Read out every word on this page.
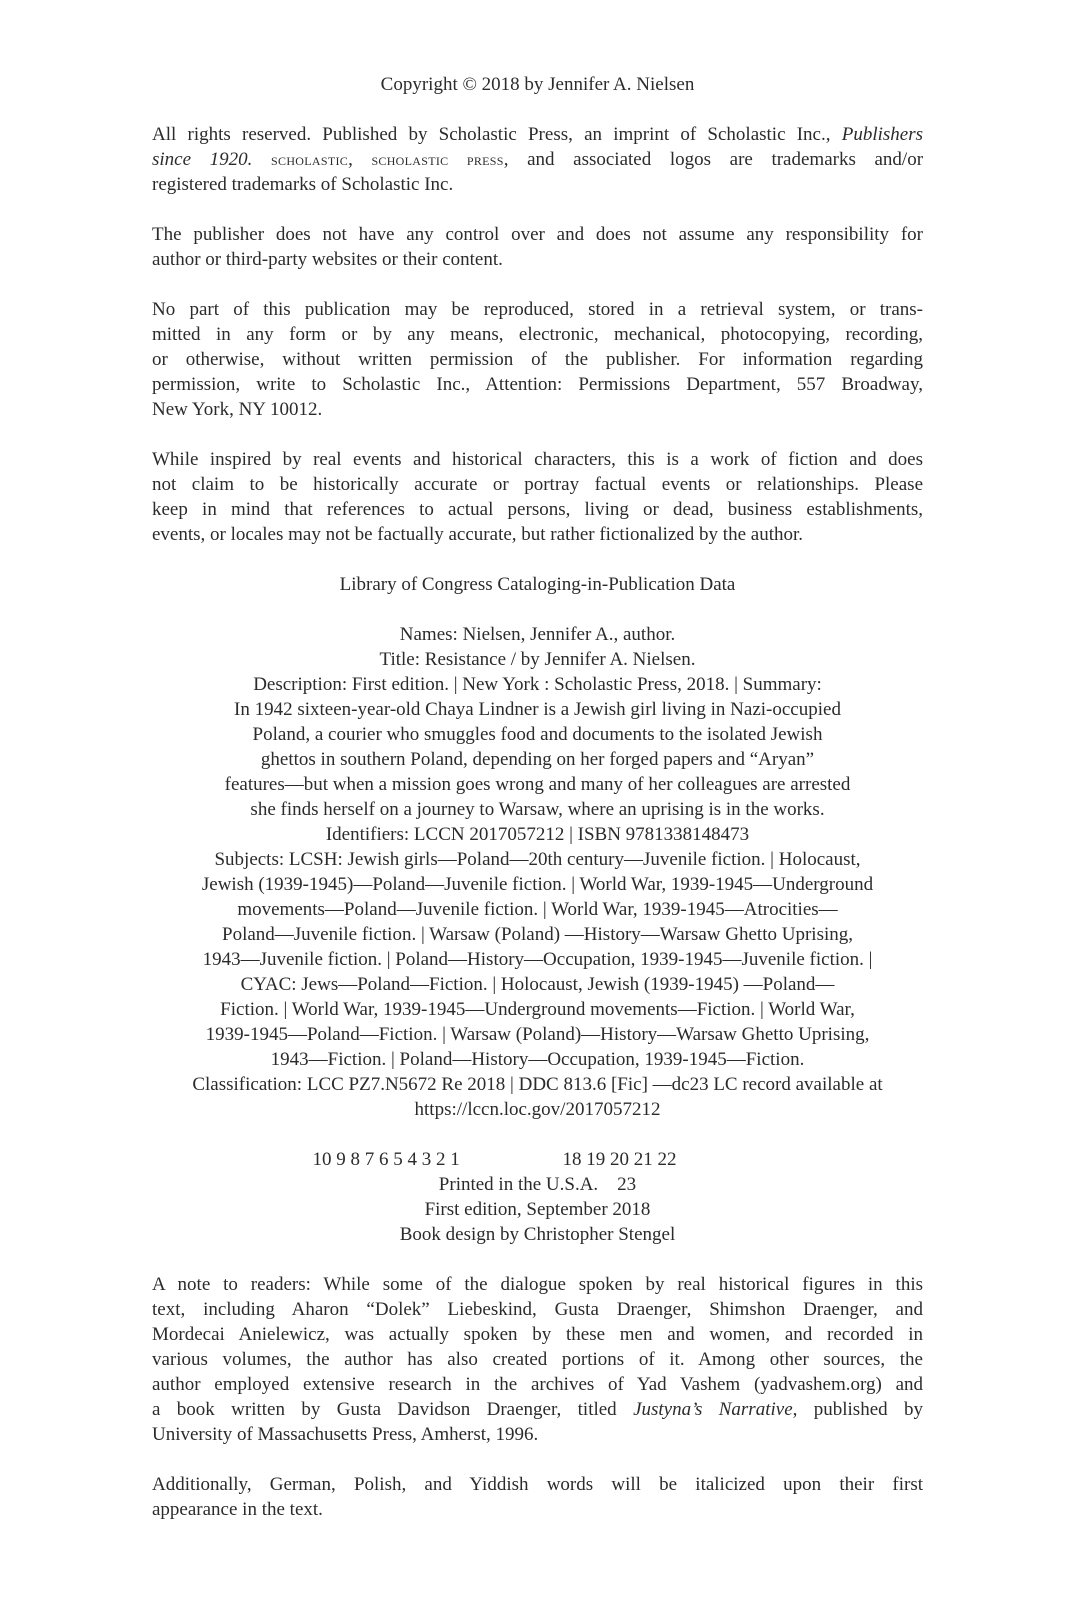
Copyright © 2018 by Jennifer A. Nielsen

All rights reserved. Published by Scholastic Press, an imprint of Scholastic Inc., Publishers

since 1920. scholastic, scholastic press, and associated logos are trademarks and/or

registered trademarks of Scholastic Inc.

The publisher does not have any control over and does not assume any responsibility for

author or third-party websites or their content.

No part of this publication may be reproduced, stored in a retrieval system, or trans-

mitted in any form or by any means, electronic, mechanical, photocopying, recording,

or otherwise, without written permission of the publisher. For information regarding

permission, write to Scholastic Inc., Attention: Permissions Department, 557 Broadway,

New York, NY 10012.

While inspired by real events and historical characters, this is a work of fiction and does

not claim to be historically accurate or portray factual events or relationships. Please

keep in mind that references to actual persons, living or dead, business establishments,

events, or locales may not be factually accurate, but rather fictionalized by the author.

Library of Congress Cataloging-in-Publication Data

Names: Nielsen, Jennifer A., author.

Title: Resistance / by Jennifer A. Nielsen.

Description: First edition. | New York : Scholastic Press, 2018. | Summary:

In 1942 sixteen-year-old Chaya Lindner is a Jewish girl living in Nazi-occupied

Poland, a courier who smuggles food and documents to the isolated Jewish

ghettos in southern Poland, depending on her forged papers and “Aryan”

features—but when a mission goes wrong and many of her colleagues are arrested

she finds herself on a journey to Warsaw, where an uprising is in the works.

Identifiers: LCCN 2017057212 | ISBN 9781338148473

Subjects: LCSH: Jewish girls—Poland—20th century—Juvenile fiction. | Holocaust,

Jewish (1939-1945)—Poland—Juvenile fiction. | World War, 1939-1945—Underground

movements—Poland—Juvenile fiction. | World War, 1939-1945—Atrocities—

Poland—Juvenile fiction. | Warsaw (Poland) —History—Warsaw Ghetto Uprising,

1943—Juvenile fiction. | Poland—History—Occupation, 1939-1945—Juvenile fiction. |

CYAC: Jews—Poland—Fiction. | Holocaust, Jewish (1939-1945) —Poland—

Fiction. | World War, 1939-1945—Underground movements—Fiction. | World War,

1939-1945—Poland—Fiction. | Warsaw (Poland)—History—Warsaw Ghetto Uprising,

1943—Fiction. | Poland—History—Occupation, 1939-1945—Fiction.

Classification: LCC PZ7.N5672 Re 2018 | DDC 813.6 [Fic] —dc23 LC record available at

https://lccn.loc.gov/2017057212

10 9 8 7 6 5 4 3 2 1	18 19 20 21 22

Printed in the U.S.A.    23

First edition, September 2018

Book design by Christopher Stengel

A note to readers: While some of the dialogue spoken by real historical figures in this

text, including Aharon “Dolek” Liebeskind, Gusta Draenger, Shimshon Draenger, and

Mordecai Anielewicz, was actually spoken by these men and women, and recorded in

various volumes, the author has also created portions of it. Among other sources, the

author employed extensive research in the archives of Yad Vashem (yadvashem.org) and

a book written by Gusta Davidson Draenger, titled Justyna’s Narrative, published by

University of Massachusetts Press, Amherst, 1996.

Additionally, German, Polish, and Yiddish words will be italicized upon their first

appearance in the text.
